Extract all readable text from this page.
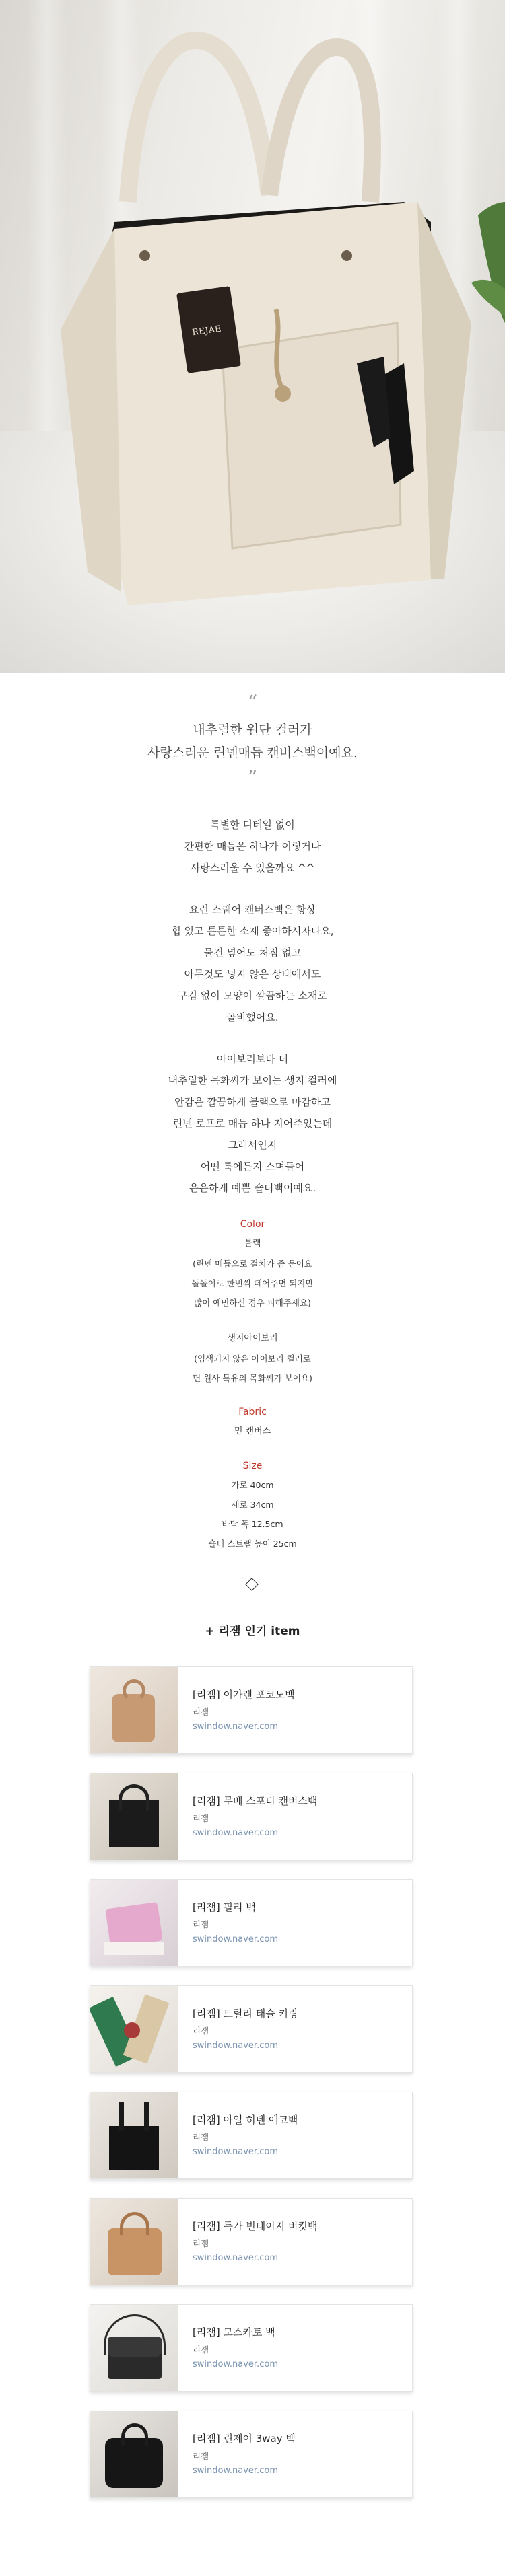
REJAE
“
내추럴한 원단 컬러가
사랑스러운 린넨매듭 캔버스백이예요.
”
특별한 디테일 없이
간편한 매듭은 하나가 이렇거나
사랑스러울 수 있을까요 ^^
요런 스퀘어 캔버스백은 항상
힙 있고 튼튼한 소재 좋아하시자나요,
물건 넣어도 처짐 없고
아무것도 넣지 않은 상태에서도
구김 없이 모양이 깔끔하는 소재로
골비했어요.
아이보리보다 더
내추럴한 목화씨가 보이는 생지 컬러에
안감은 깔끔하게 블랙으로 마감하고
린넨 로프로 매듭 하나 지어주었는데
그래서인지
어떤 룩에든지 스며들어
은은하게 예쁜 숄더백이예요.
Color
블랙
(린넨 매듭으로 걸치가 좀 묻어요
돌돌이로 한번씩 떼어주면 되지만
많이 예민하신 경우 피해주세요)
생지아이보리
(염색되지 않은 아이보리 컬러로
면 원사 특유의 목화씨가 보여요)
Fabric
면 캔버스
Size
가로 40cm
세로 34cm
바닥 폭 12.5cm
숄더 스트랩 높이 25cm
+ 리잼 인기 item
[리잼] 이가렌 포코노백
리잼
swindow.naver.com
[리잼] 무베 스포티 캔버스백
리잼
swindow.naver.com
[리잼] 필리 백
리잼
swindow.naver.com
[리잼] 트릴리 태슬 키링
리잼
swindow.naver.com
[리잼] 아일 히덴 에코백
리잼
swindow.naver.com
[리잼] 득가 빈테이지 버킷백
리잼
swindow.naver.com
[리잼] 모스카토 백
리잼
swindow.naver.com
[리잼] 린제이 3way 백
리잼
swindow.naver.com
